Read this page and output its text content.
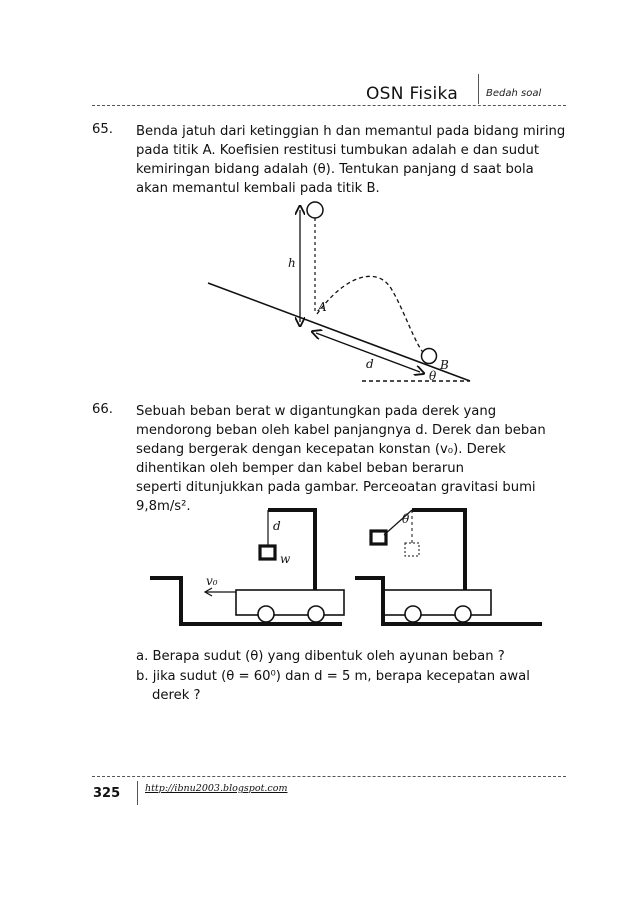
OSN Fisika	Bedah soal
65. Benda jatuh dari ketinggian h dan memantul pada bidang miring
pada titik A. Koefisien restitusi tumbukan adalah e dan sudut
kemiringan bidang adalah (θ). Tentukan panjang d saat bola
akan memantul kembali pada titik B.
h
A
B
d
θ
66. Sebuah beban berat w digantungkan pada derek yang
mendorong beban oleh kabel panjangnya d. Derek dan beban
sedang bergerak dengan kecepatan konstan (v₀). Derek
dihentikan oleh bemper dan kabel beban berarun
seperti ditunjukkan pada gambar. Perceoatan gravitasi bumi
9,8m/s².
d
w
v₀
θ
a. Berapa sudut (θ) yang dibentuk oleh ayunan beban ?
b. jika sudut (θ = 60⁰) dan d = 5 m, berapa kecepatan awal
derek ?
325	http://ibnu2003.blogspot.com
